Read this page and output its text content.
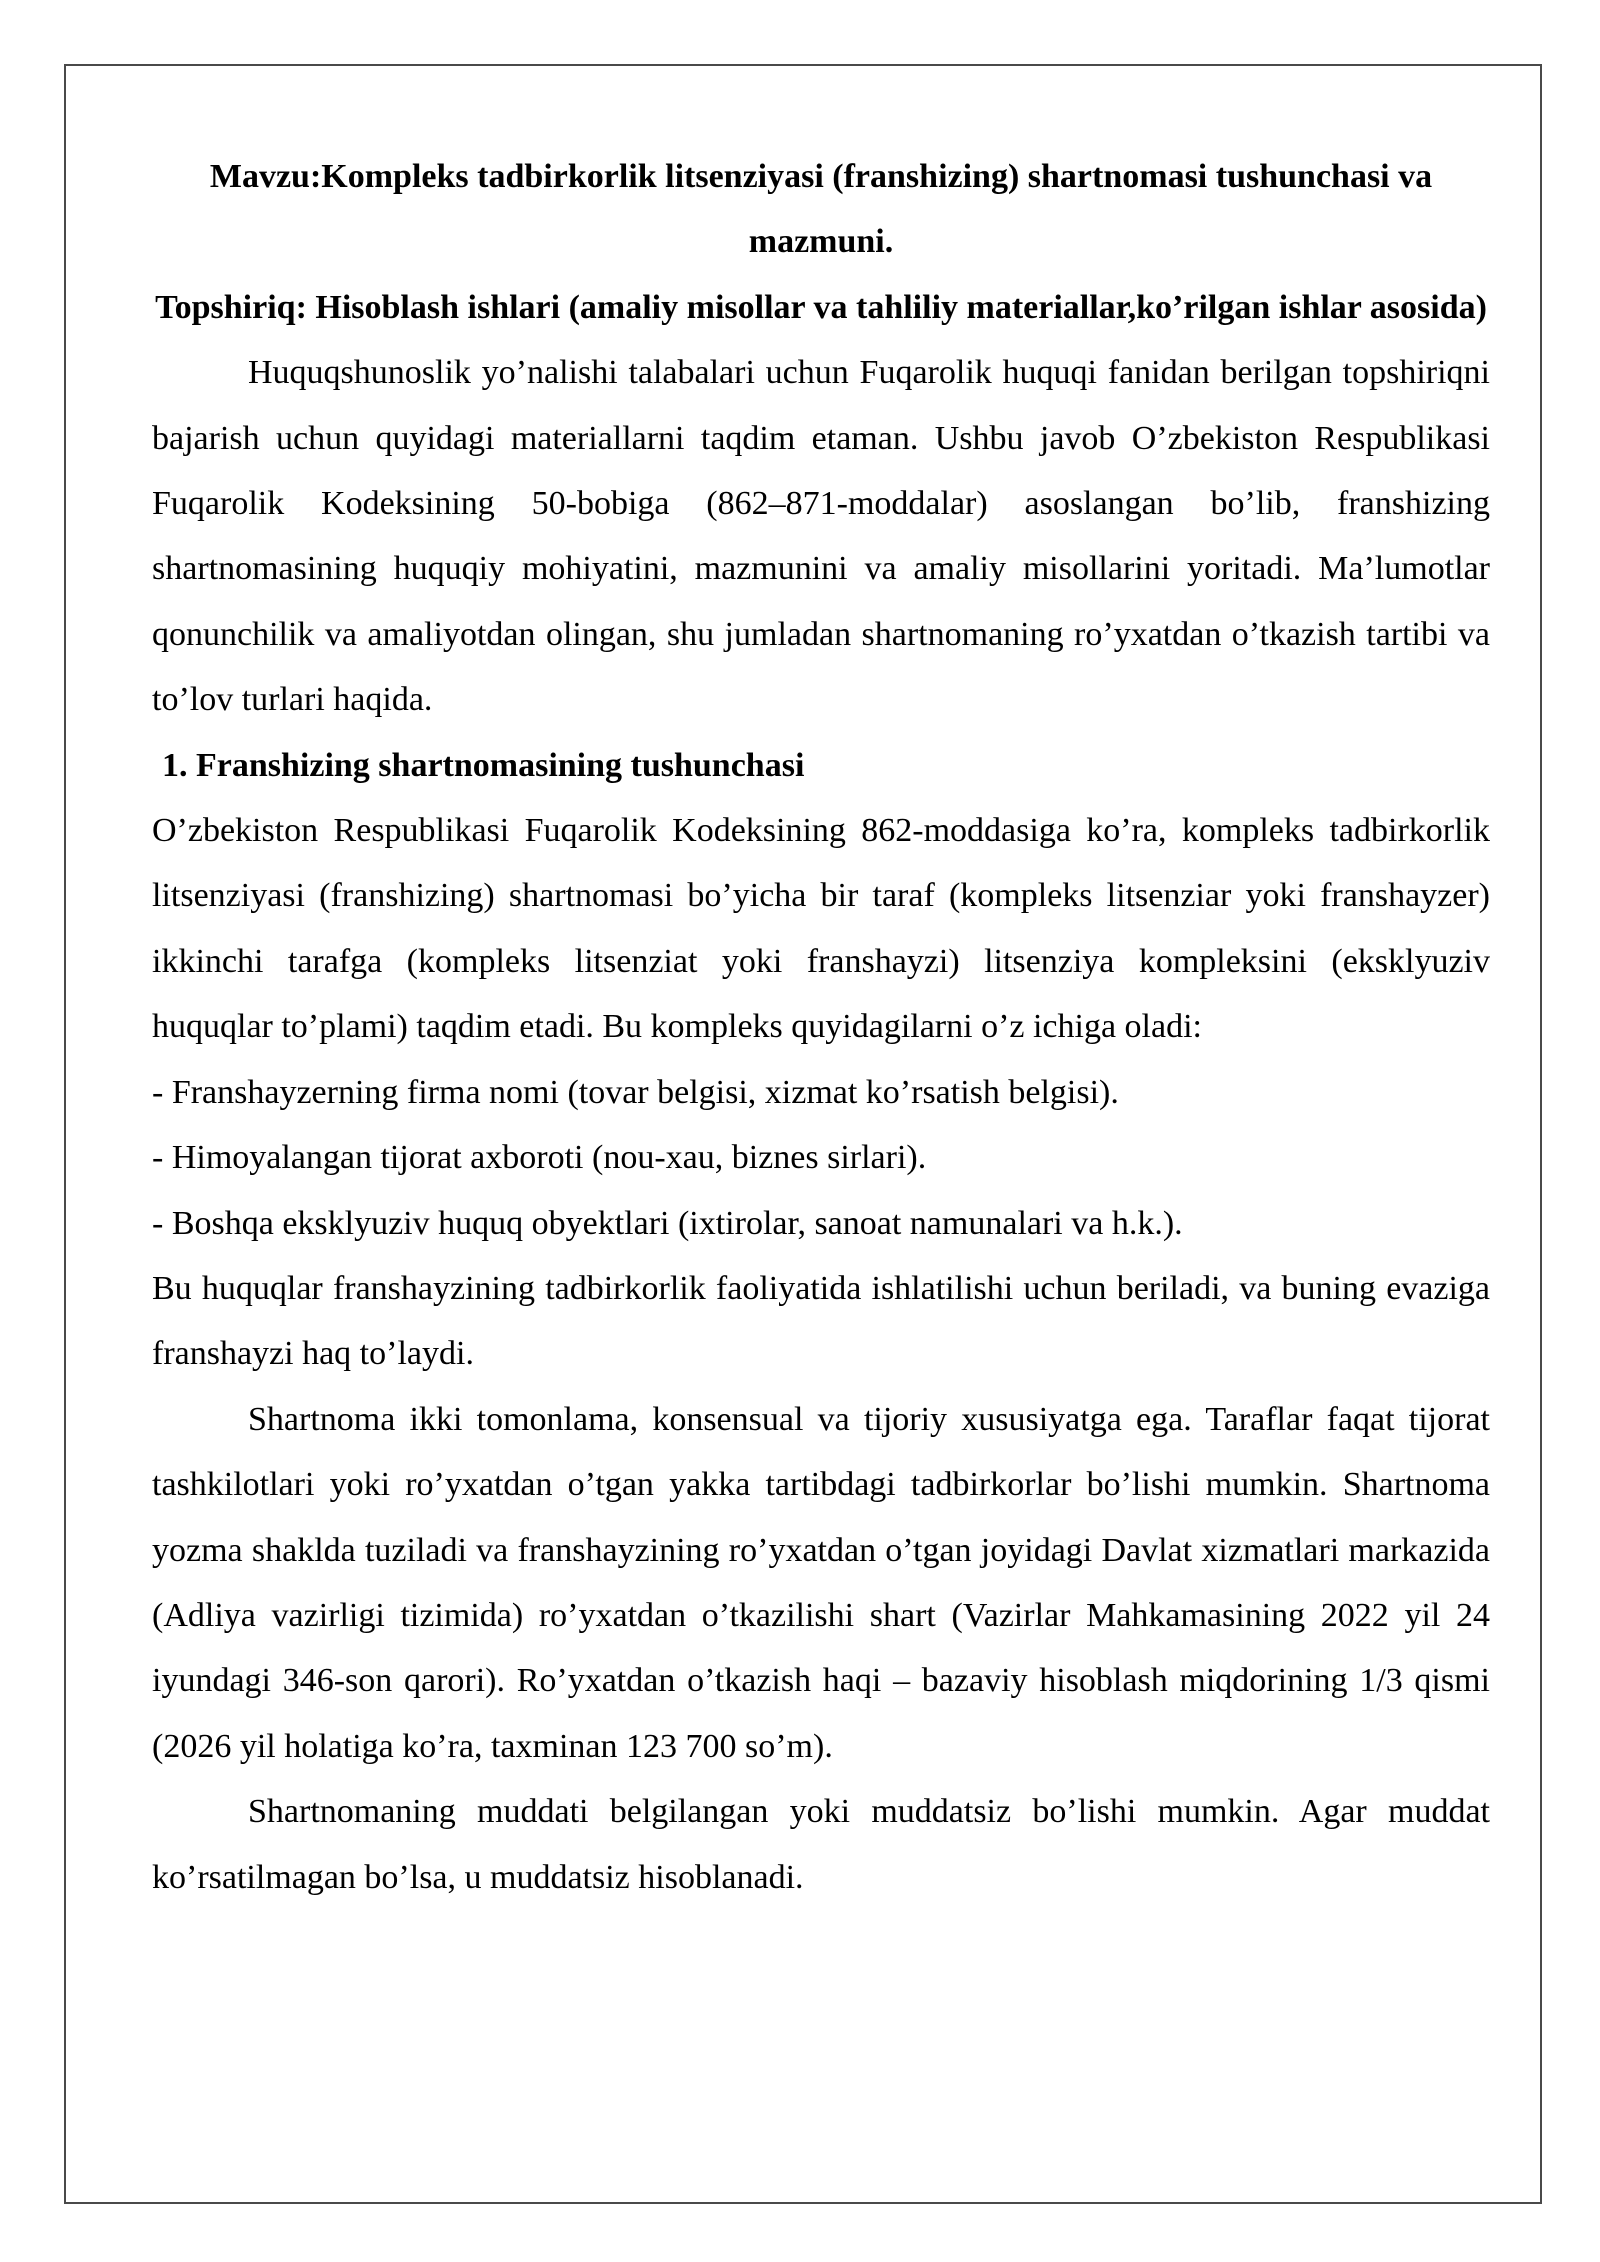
Mavzu:Kompleks tadbirkorlik litsenziyasi (franshizing) shartnomasi tushunchasi va mazmuni.

Topshiriq: Hisoblash ishlari (amaliy misollar va tahliliy materiallar,ko’rilgan ishlar asosida)

Huquqshunoslik yo’nalishi talabalari uchun Fuqarolik huquqi fanidan berilgan topshiriqni bajarish uchun quyidagi materiallarni taqdim etaman. Ushbu javob O’zbekiston Respublikasi Fuqarolik Kodeksining 50-bobiga (862–871-moddalar) asoslangan bo’lib, franshizing shartnomasining huquqiy mohiyatini, mazmunini va amaliy misollarini yoritadi. Ma’lumotlar qonunchilik va amaliyotdan olingan, shu jumladan shartnomaning ro’yxatdan o’tkazish tartibi va to’lov turlari haqida.

1. Franshizing shartnomasining tushunchasi

O’zbekiston Respublikasi Fuqarolik Kodeksining 862-moddasiga ko’ra, kompleks tadbirkorlik litsenziyasi (franshizing) shartnomasi bo’yicha bir taraf (kompleks litsenziar yoki franshayzer) ikkinchi tarafga (kompleks litsenziat yoki franshayzi) litsenziya kompleksini (eksklyuziv huquqlar to’plami) taqdim etadi. Bu kompleks quyidagilarni o’z ichiga oladi:

- Franshayzerning firma nomi (tovar belgisi, xizmat ko’rsatish belgisi).

- Himoyalangan tijorat axboroti (nou-xau, biznes sirlari).

- Boshqa eksklyuziv huquq obyektlari (ixtirolar, sanoat namunalari va h.k.).

Bu huquqlar franshayzining tadbirkorlik faoliyatida ishlatilishi uchun beriladi, va buning evaziga franshayzi haq to’laydi.

Shartnoma ikki tomonlama, konsensual va tijoriy xususiyatga ega. Taraflar faqat tijorat tashkilotlari yoki ro’yxatdan o’tgan yakka tartibdagi tadbirkorlar bo’lishi mumkin. Shartnoma yozma shakldа tuziladi va franshayzining ro’yxatdan o’tgan joyidagi Davlat xizmatlari markazida (Adliya vazirligi tizimida) ro’yxatdan o’tkazilishi shart (Vazirlar Mahkamasining 2022 yil 24 iyundagi 346-son qarori). Ro’yxatdan o’tkazish haqi – bazaviy hisoblash miqdorining 1/3 qismi (2026 yil holatiga ko’ra, taxminan 123 700 so’m).

Shartnomaning muddati belgilangan yoki muddatsiz bo’lishi mumkin. Agar muddat ko’rsatilmagan bo’lsa, u muddatsiz hisoblanadi.
